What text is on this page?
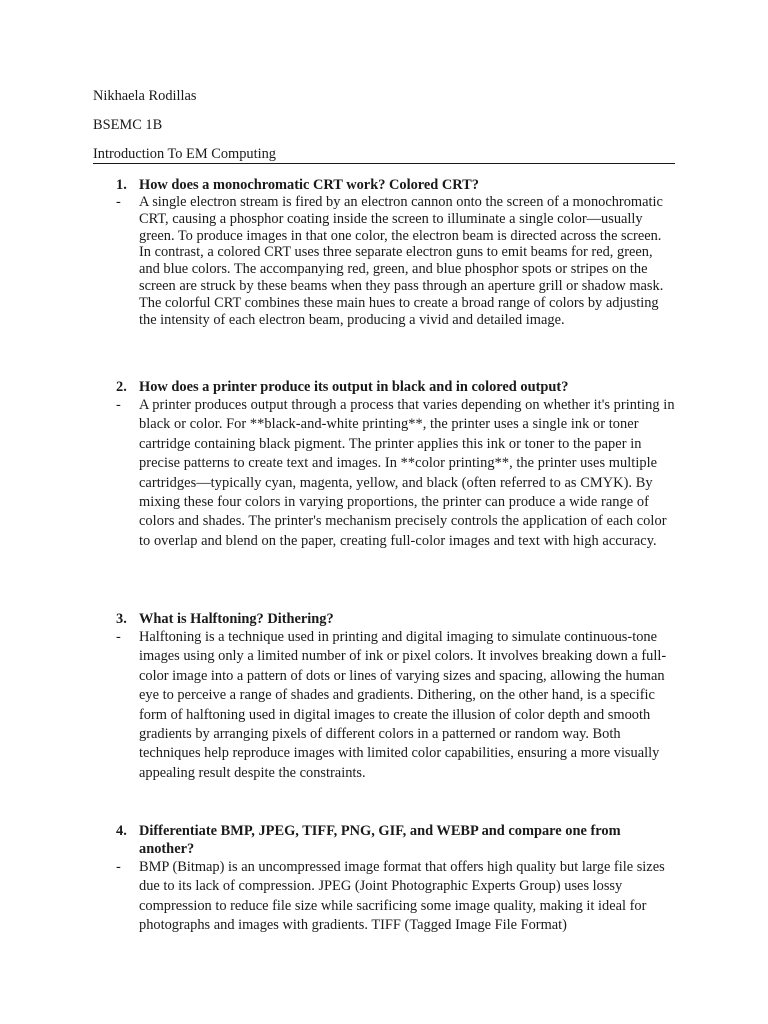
Nikhaela Rodillas
BSEMC 1B
Introduction To EM Computing
1. How does a monochromatic CRT work? Colored CRT?
- A single electron stream is fired by an electron cannon onto the screen of a monochromatic CRT, causing a phosphor coating inside the screen to illuminate a single color—usually green. To produce images in that one color, the electron beam is directed across the screen. In contrast, a colored CRT uses three separate electron guns to emit beams for red, green, and blue colors. The accompanying red, green, and blue phosphor spots or stripes on the screen are struck by these beams when they pass through an aperture grill or shadow mask. The colorful CRT combines these main hues to create a broad range of colors by adjusting the intensity of each electron beam, producing a vivid and detailed image.
2. How does a printer produce its output in black and in colored output?
- A printer produces output through a process that varies depending on whether it's printing in black or color. For **black-and-white printing**, the printer uses a single ink or toner cartridge containing black pigment. The printer applies this ink or toner to the paper in precise patterns to create text and images. In **color printing**, the printer uses multiple cartridges—typically cyan, magenta, yellow, and black (often referred to as CMYK). By mixing these four colors in varying proportions, the printer can produce a wide range of colors and shades. The printer's mechanism precisely controls the application of each color to overlap and blend on the paper, creating full-color images and text with high accuracy.
3. What is Halftoning? Dithering?
- Halftoning is a technique used in printing and digital imaging to simulate continuous-tone images using only a limited number of ink or pixel colors. It involves breaking down a full-color image into a pattern of dots or lines of varying sizes and spacing, allowing the human eye to perceive a range of shades and gradients. Dithering, on the other hand, is a specific form of halftoning used in digital images to create the illusion of color depth and smooth gradients by arranging pixels of different colors in a patterned or random way. Both techniques help reproduce images with limited color capabilities, ensuring a more visually appealing result despite the constraints.
4. Differentiate BMP, JPEG, TIFF, PNG, GIF, and WEBP and compare one from another?
- BMP (Bitmap) is an uncompressed image format that offers high quality but large file sizes due to its lack of compression. JPEG (Joint Photographic Experts Group) uses lossy compression to reduce file size while sacrificing some image quality, making it ideal for photographs and images with gradients. TIFF (Tagged Image File Format)
